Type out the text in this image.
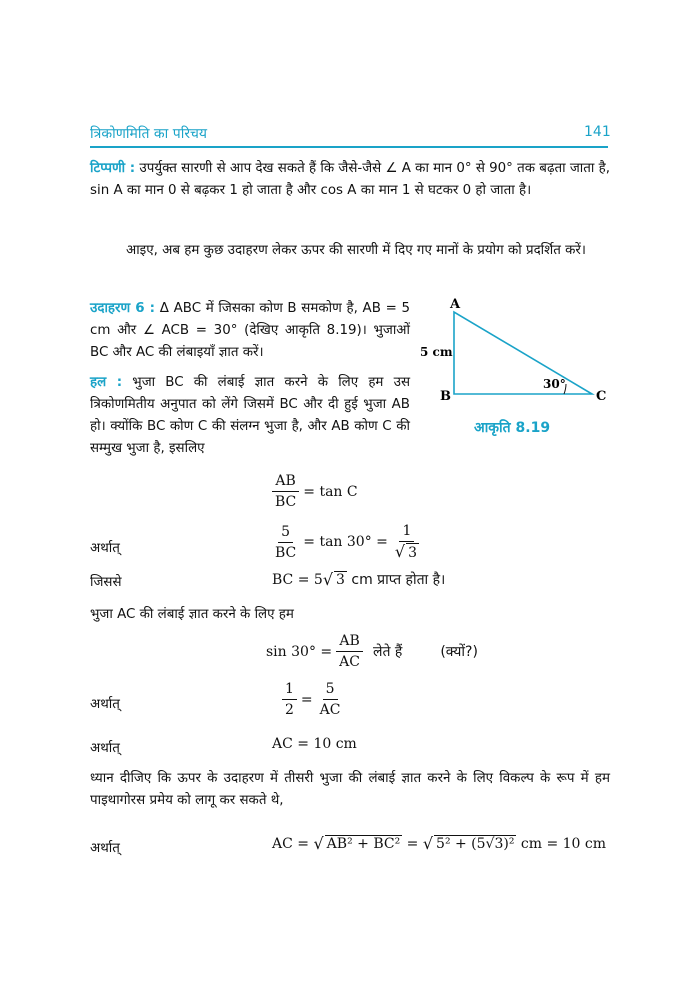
त्रिकोणमिति का परिचय	141
टिप्पणी : उपर्युक्त सारणी से आप देख सकते हैं कि जैसे-जैसे ∠ A का मान 0° से 90° तक बढ़ता जाता है, sin A का मान 0 से बढ़कर 1 हो जाता है और cos A का मान 1 से घटकर 0 हो जाता है।
आइए, अब हम कुछ उदाहरण लेकर ऊपर की सारणी में दिए गए मानों के प्रयोग को प्रदर्शित करें।
उदाहरण 6 : Δ ABC में जिसका कोण B समकोण है, AB = 5 cm और ∠ ACB = 30° (देखिए आकृति 8.19)। भुजाओं BC और AC की लंबाइयाँ ज्ञात करें।
हल : भुजा BC की लंबाई ज्ञात करने के लिए हम उस त्रिकोणमितीय अनुपात को लेंगे जिसमें BC और दी हुई भुजा AB हो। क्योंकि BC कोण C की संलग्न भुजा है, और AB कोण C की सम्मुख भुजा है, इसलिए
A
B	C
5 cm
30°
आकृति 8.19
$\frac{AB}{BC} = \tan C$
अर्थात्	$\frac{5}{BC} = \tan 30^\circ = \frac{1}{√ 3}$
जिससे	BC = 5 √ 3
cm प्राप्त होता है।
भुजा AC की लंबाई ज्ञात करने के लिए हम
$\sin 30^\circ = \frac{AB}{AC}$ लेते हैं	(क्यों?)
अर्थात्	$\frac{1}{2} = \frac{5}{AC}$
अर्थात्	AC = 10 cm
ध्यान दीजिए कि ऊपर के उदाहरण में तीसरी भुजा की लंबाई ज्ञात करने के लिए विकल्प के रूप में हम पाइथागोरस प्रमेय को लागू कर सकते थे,
अर्थात्	AC =
√ AB² + BC²
=
√ 5² + (5√3)²
cm = 10 cm
